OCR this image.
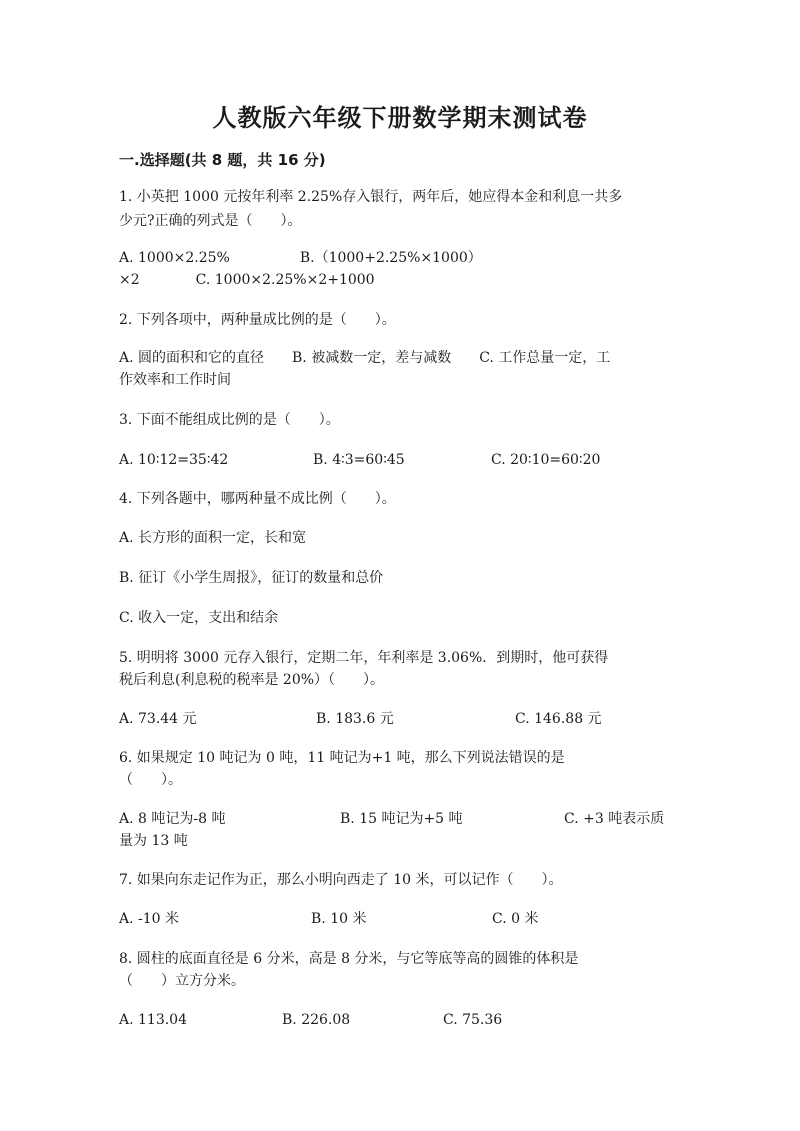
人教版六年级下册数学期末测试卷
一.选择题(共 8 题，共 16 分)
1. 小英把 1000 元按年利率 2.25%存入银行，两年后，她应得本金和利息一共多
少元?正确的列式是（　　）。
A. 1000×2.25%　　　　　B.（1000+2.25%×1000）
×2　　　　C. 1000×2.25%×2+1000
2. 下列各项中，两种量成比例的是（　　）。
A. 圆的面积和它的直径　　B. 被减数一定，差与减数　　C. 工作总量一定，工
作效率和工作时间
3. 下面不能组成比例的是（　　）。
A. 10∶12=35∶42	B. 4∶3=60∶45	C. 20∶10=60∶20
4. 下列各题中，哪两种量不成比例（　　）。
A. 长方形的面积一定，长和宽
B. 征订《小学生周报》，征订的数量和总价
C. 收入一定，支出和结余
5. 明明将 3000 元存入银行，定期二年，年利率是 3.06%．到期时，他可获得
税后利息(利息税的税率是 20%）（　　）。
A. 73.44 元	B. 183.6 元	C. 146.88 元
6. 如果规定 10 吨记为 0 吨，11 吨记为+1 吨，那么下列说法错误的是
（　　）。
A. 8 吨记为-8 吨	B. 15 吨记为+5 吨	C. +3 吨表示质
量为 13 吨
7. 如果向东走记作为正，那么小明向西走了 10 米，可以记作（　　）。
A. -10 米	B. 10 米	C. 0 米
8. 圆柱的底面直径是 6 分米，高是 8 分米，与它等底等高的圆锥的体积是
（　　）立方分米。
A. 113.04	B. 226.08	C. 75.36
